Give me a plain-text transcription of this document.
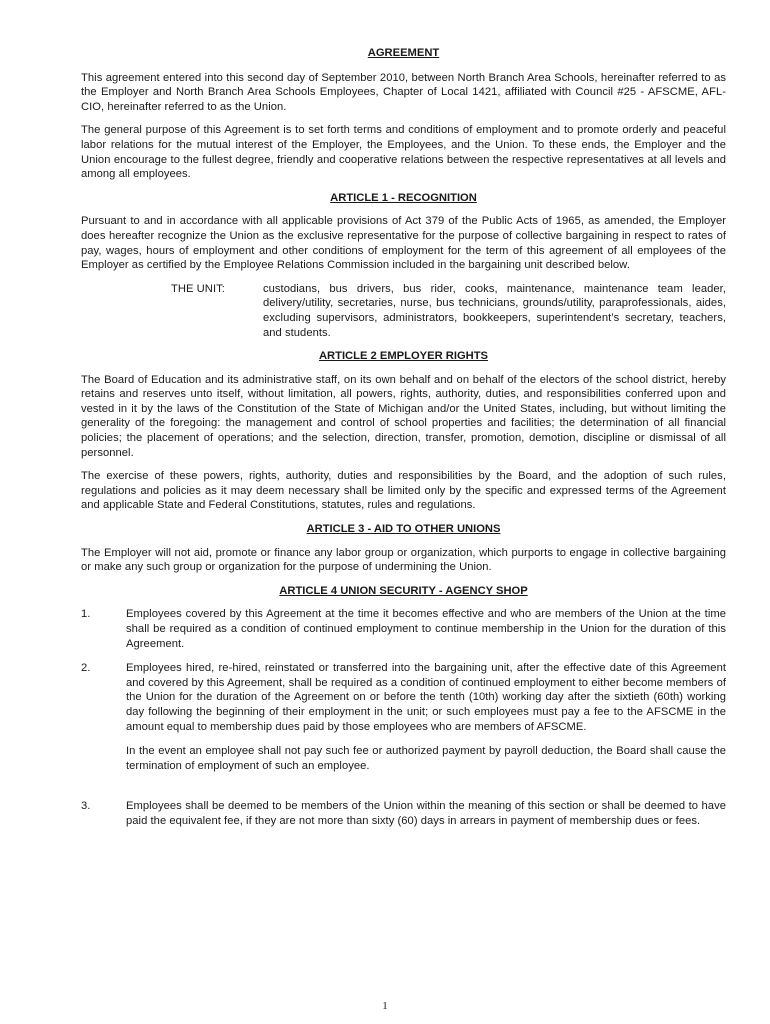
AGREEMENT

This agreement entered into this second day of September 2010, between North Branch Area Schools, hereinafter referred to as the Employer and North Branch Area Schools Employees, Chapter of Local 1421, affiliated with Council #25 - AFSCME, AFL-CIO, hereinafter referred to as the Union.

The general purpose of this Agreement is to set forth terms and conditions of employment and to promote orderly and peaceful labor relations for the mutual interest of the Employer, the Employees, and the Union. To these ends, the Employer and the Union encourage to the fullest degree, friendly and cooperative relations between the respective representatives at all levels and among all employees.

ARTICLE 1 - RECOGNITION

Pursuant to and in accordance with all applicable provisions of Act 379 of the Public Acts of 1965, as amended, the Employer does hereafter recognize the Union as the exclusive representative for the purpose of collective bargaining in respect to rates of pay, wages, hours of employment and other conditions of employment for the term of this agreement of all employees of the Employer as certified by the Employee Relations Commission included in the bargaining unit described below.

THE UNIT:	custodians, bus drivers, bus rider, cooks, maintenance, maintenance team leader, delivery/utility, secretaries, nurse, bus technicians, grounds/utility, paraprofessionals, aides, excluding supervisors, administrators, bookkeepers, superintendent’s secretary, teachers, and students.

ARTICLE 2 EMPLOYER RIGHTS

The Board of Education and its administrative staff, on its own behalf and on behalf of the electors of the school district, hereby retains and reserves unto itself, without limitation, all powers, rights, authority, duties, and responsibilities conferred upon and vested in it by the laws of the Constitution of the State of Michigan and/or the United States, including, but without limiting the generality of the foregoing: the management and control of school properties and facilities; the determination of all financial policies; the placement of operations; and the selection, direction, transfer, promotion, demotion, discipline or dismissal of all personnel.

The exercise of these powers, rights, authority, duties and responsibilities by the Board, and the adoption of such rules, regulations and policies as it may deem necessary shall be limited only by the specific and expressed terms of the Agreement and applicable State and Federal Constitutions, statutes, rules and regulations.

ARTICLE 3 - AID TO OTHER UNIONS

The Employer will not aid, promote or finance any labor group or organization, which purports to engage in collective bargaining or make any such group or organization for the purpose of undermining the Union.

ARTICLE 4 UNION SECURITY - AGENCY SHOP

1.	Employees covered by this Agreement at the time it becomes effective and who are members of the Union at the time shall be required as a condition of continued employment to continue membership in the Union for the duration of this Agreement.

2.	Employees hired, re-hired, reinstated or transferred into the bargaining unit, after the effective date of this Agreement and covered by this Agreement, shall be required as a condition of continued employment to either become members of the Union for the duration of the Agreement on or before the tenth (10th) working day after the sixtieth (60th) working day following the beginning of their employment in the unit; or such employees must pay a fee to the AFSCME in the amount equal to membership dues paid by those employees who are members of AFSCME.

In the event an employee shall not pay such fee or authorized payment by payroll deduction, the Board shall cause the termination of employment of such an employee.

3.	Employees shall be deemed to be members of the Union within the meaning of this section or shall be deemed to have paid the equivalent fee, if they are not more than sixty (60) days in arrears in payment of membership dues or fees.

1
